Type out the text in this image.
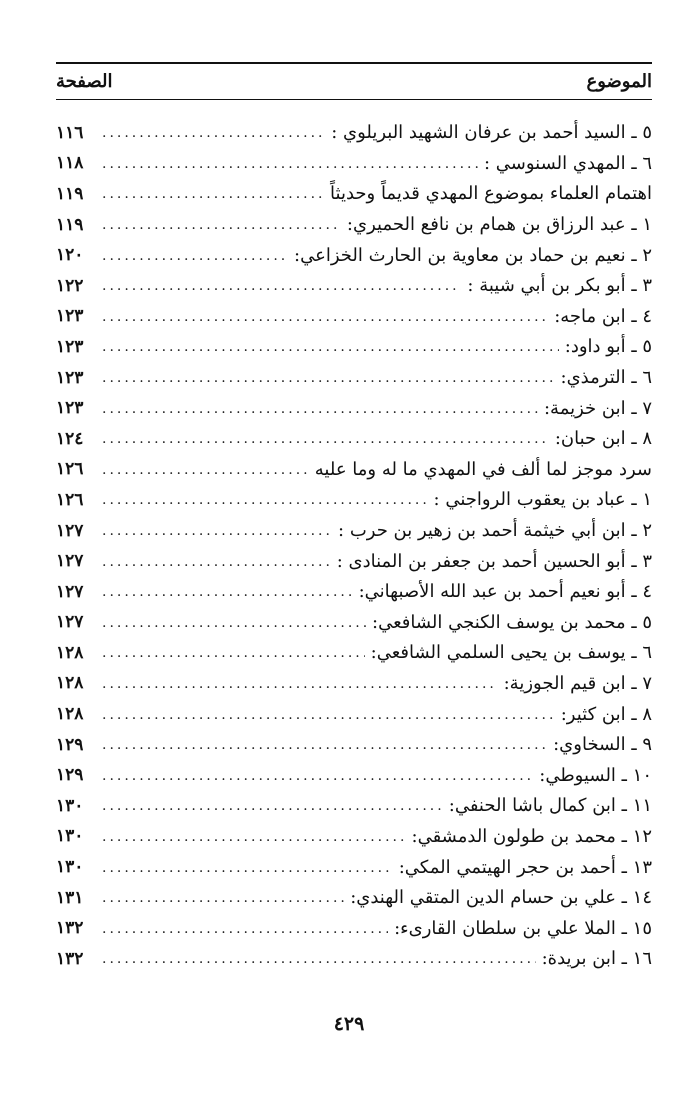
الموضوع
الصفحة
٥ ـ السيد أحمد بن عرفان الشهيد البريلوي :
.....
١١٦
٦ ـ المهدي السنوسي :
.....
١١٨
اهتمام العلماء بموضوع المهدي قديماً وحديثاً
.....
١١٩
١ ـ عبد الرزاق بن همام بن نافع الحميري:
.....
١١٩
٢ ـ نعيم بن حماد بن معاوية بن الحارث الخزاعي:
.....
١٢٠
٣ ـ أبو بكر بن أبي شيبة :
.....
١٢٢
٤ ـ ابن ماجه:
.....
١٢٣
٥ ـ أبو داود:
.....
١٢٣
٦ ـ الترمذي:
.....
١٢٣
٧ ـ ابن خزيمة:
.....
١٢٣
٨ ـ ابن حبان:
.....
١٢٤
سرد موجز لما ألف في المهدي ما له وما عليه
.....
١٢٦
١ ـ عباد بن يعقوب الرواجني :
.....
١٢٦
٢ ـ ابن أبي خيثمة أحمد بن زهير بن حرب :
.....
١٢٧
٣ ـ أبو الحسين أحمد بن جعفر بن المنادى :
.....
١٢٧
٤ ـ أبو نعيم أحمد بن عبد الله الأصبهاني:
.....
١٢٧
٥ ـ محمد بن يوسف الكنجي الشافعي:
.....
١٢٧
٦ ـ يوسف بن يحيى السلمي الشافعي:
.....
١٢٨
٧ ـ ابن قيم الجوزية:
.....
١٢٨
٨ ـ ابن كثير:
.....
١٢٨
٩ ـ السخاوي:
.....
١٢٩
١٠ ـ السيوطي:
.....
١٢٩
١١ ـ ابن كمال باشا الحنفي:
.....
١٣٠
١٢ ـ محمد بن طولون الدمشقي:
.....
١٣٠
١٣ ـ أحمد بن حجر الهيتمي المكي:
.....
١٣٠
١٤ ـ علي بن حسام الدين المتقي الهندي:
.....
١٣١
١٥ ـ الملا علي بن سلطان القارىء:
.....
١٣٢
١٦ ـ ابن بريدة:
.....
١٣٢
٤٢٩
